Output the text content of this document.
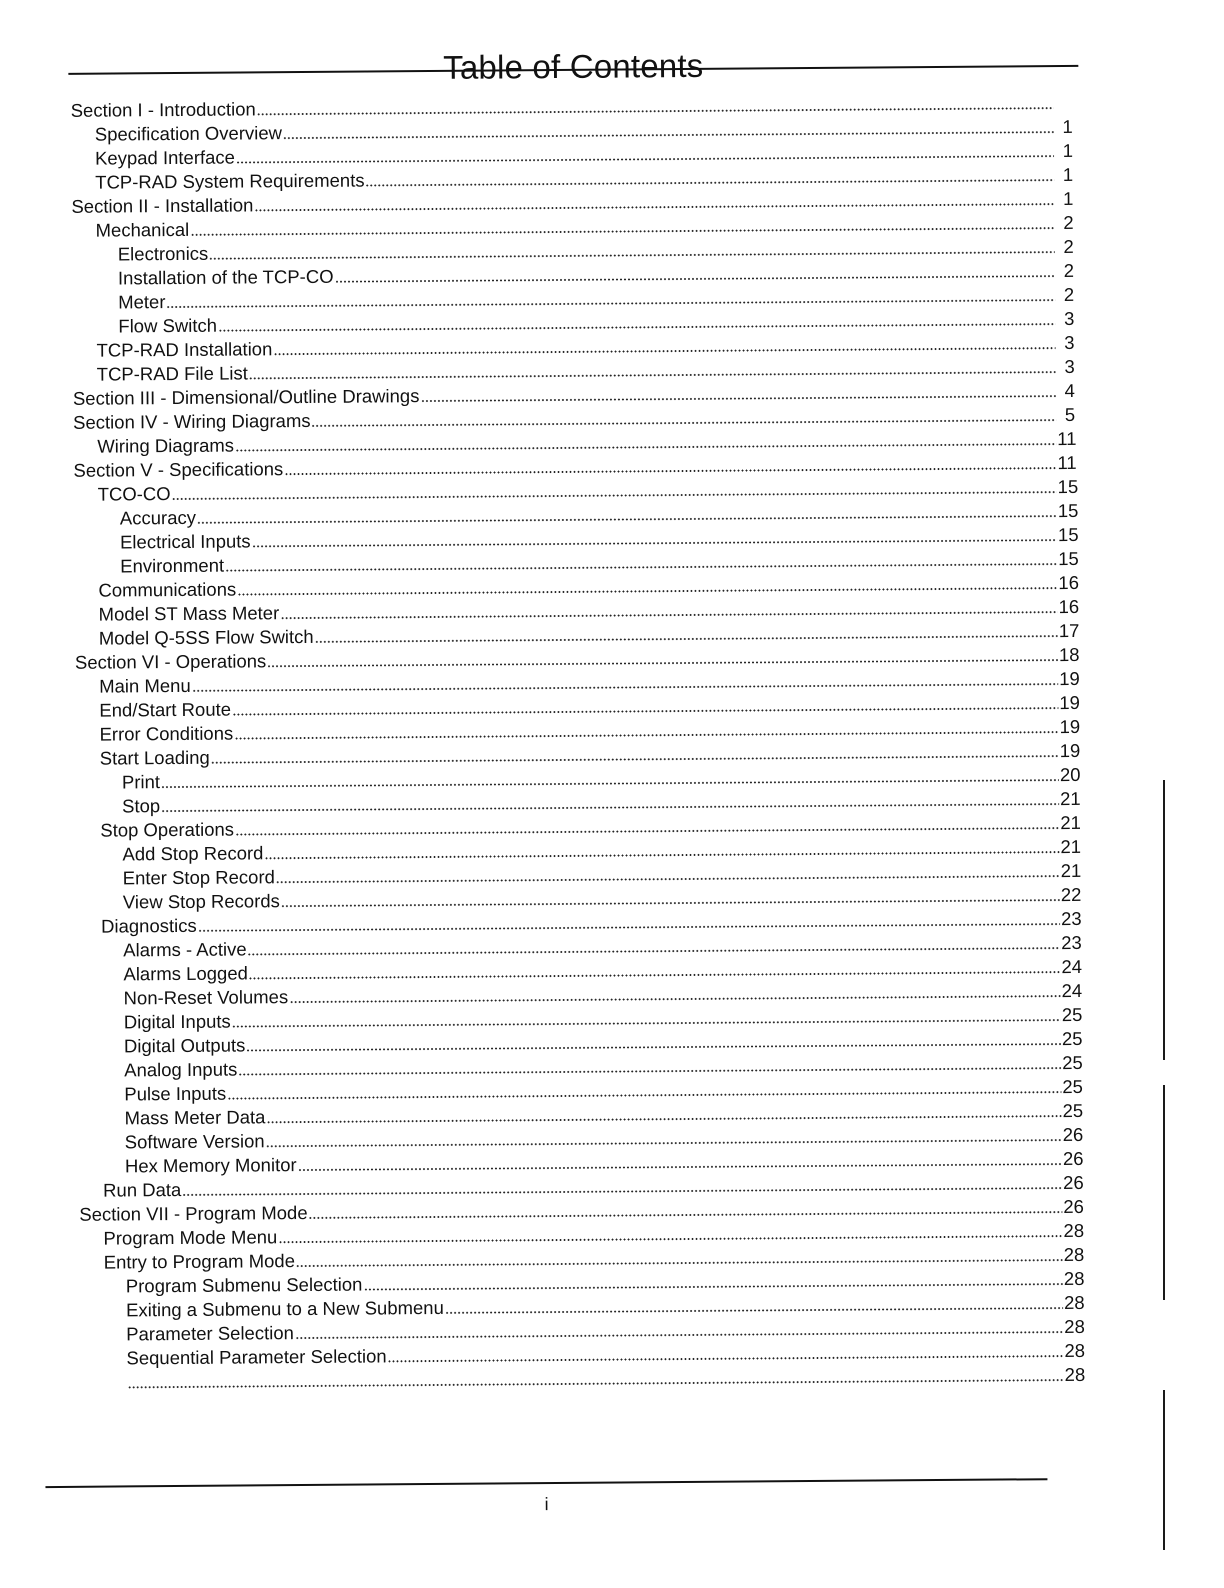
Table of Contents
Section I - Introduction
Specification Overview	1
Keypad Interface	1
TCP-RAD System Requirements	1
Section II - Installation	1
Mechanical	2
Electronics	2
Installation of the TCP-CO	2
Meter	2
Flow Switch	3
TCP-RAD Installation	3
TCP-RAD File List	3
Section III - Dimensional/Outline Drawings	4
Section IV - Wiring Diagrams	5
Wiring Diagrams	11
Section V - Specifications	11
TCO-CO	15
Accuracy	15
Electrical Inputs	15
Environment	15
Communications	16
Model ST Mass Meter	16
Model Q-5SS Flow Switch	17
Section VI - Operations	18
Main Menu	19
End/Start Route	19
Error Conditions	19
Start Loading	19
Print	20
Stop	21
Stop Operations	21
Add Stop Record	21
Enter Stop Record	21
View Stop Records	22
Diagnostics	23
Alarms - Active	23
Alarms Logged	24
Non-Reset Volumes	24
Digital Inputs	25
Digital Outputs	25
Analog Inputs	25
Pulse Inputs	25
Mass Meter Data	25
Software Version	26
Hex Memory Monitor	26
Run Data	26
Section VII - Program Mode	26
Program Mode Menu	28
Entry to Program Mode	28
Program Submenu Selection	28
Exiting a Submenu to a New Submenu	28
Parameter Selection	28
Sequential Parameter Selection	28
28
i
